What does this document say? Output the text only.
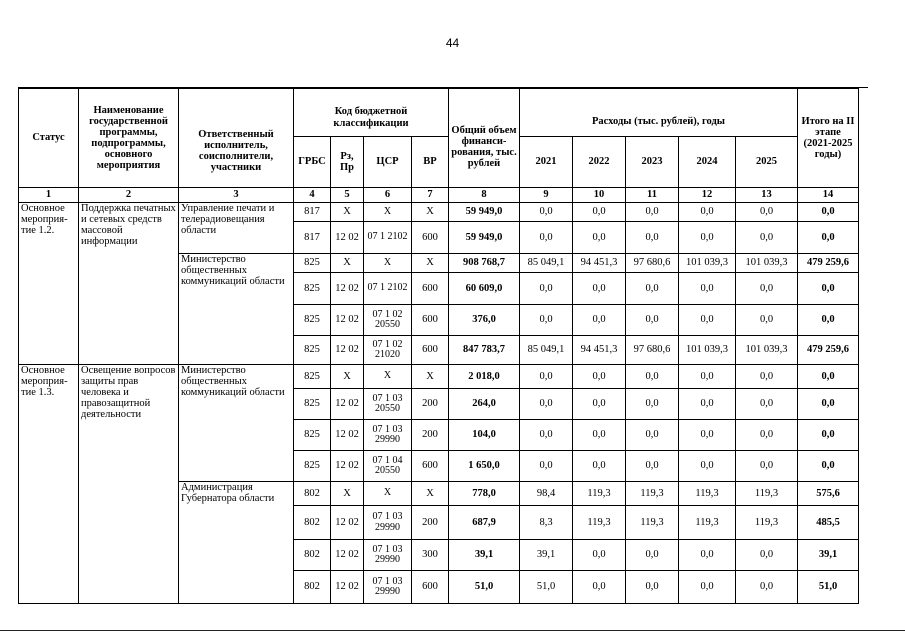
44
Статус	Наименование государственной программы, подпрограммы, основного мероприятия	Ответственный исполнитель, соисполнители, участники	Код бюджетной классификации				Общий объем финанси-рования, тыс. рублей	Расходы (тыс. рублей), годы					Итого на II этапе
(2021-2025 годы)
			ГРБС	Рз, Пр	ЦСР	ВР		2021	2022	2023	2024	2025	
1	2	3	4	5	6	7	8	9	10	11	12	13	14
Основное мероприя-тие 1.2.	Поддержка печатных и сетевых средств массовой информации	Управление печати и телерадиовещания области	817	X	X	X	59 949,0	0,0	0,0	0,0	0,0	0,0	0,0
			817	12 02	07 1 2102	600	59 949,0	0,0	0,0	0,0	0,0	0,0	0,0
		Министерство общественных коммуникаций области	825	X	X	X	908 768,7	85 049,1	94 451,3	97 680,6	101 039,3	101 039,3	479 259,6
			825	12 02	07 1 2102	600	60 609,0	0,0	0,0	0,0	0,0	0,0	0,0
			825	12 02	07 1 02 20550	600	376,0	0,0	0,0	0,0	0,0	0,0	0,0
			825	12 02	07 1 02 21020	600	847 783,7	85 049,1	94 451,3	97 680,6	101 039,3	101 039,3	479 259,6
Основное мероприя-тие 1.3.	Освещение вопросов защиты прав человека и правозащитной деятельности	Министерство общественных коммуникаций области	825	X	X	X	2 018,0	0,0	0,0	0,0	0,0	0,0	0,0
			825	12 02	07 1 03 20550	200	264,0	0,0	0,0	0,0	0,0	0,0	0,0
			825	12 02	07 1 03 29990	200	104,0	0,0	0,0	0,0	0,0	0,0	0,0
			825	12 02	07 1 04 20550	600	1 650,0	0,0	0,0	0,0	0,0	0,0	0,0
		Администрация Губернатора области	802	X	X	X	778,0	98,4	119,3	119,3	119,3	119,3	575,6
			802	12 02	07 1 03 29990	200	687,9	8,3	119,3	119,3	119,3	119,3	485,5
			802	12 02	07 1 03 29990	300	39,1	39,1	0,0	0,0	0,0	0,0	39,1
			802	12 02	07 1 03 29990	600	51,0	51,0	0,0	0,0	0,0	0,0	51,0
